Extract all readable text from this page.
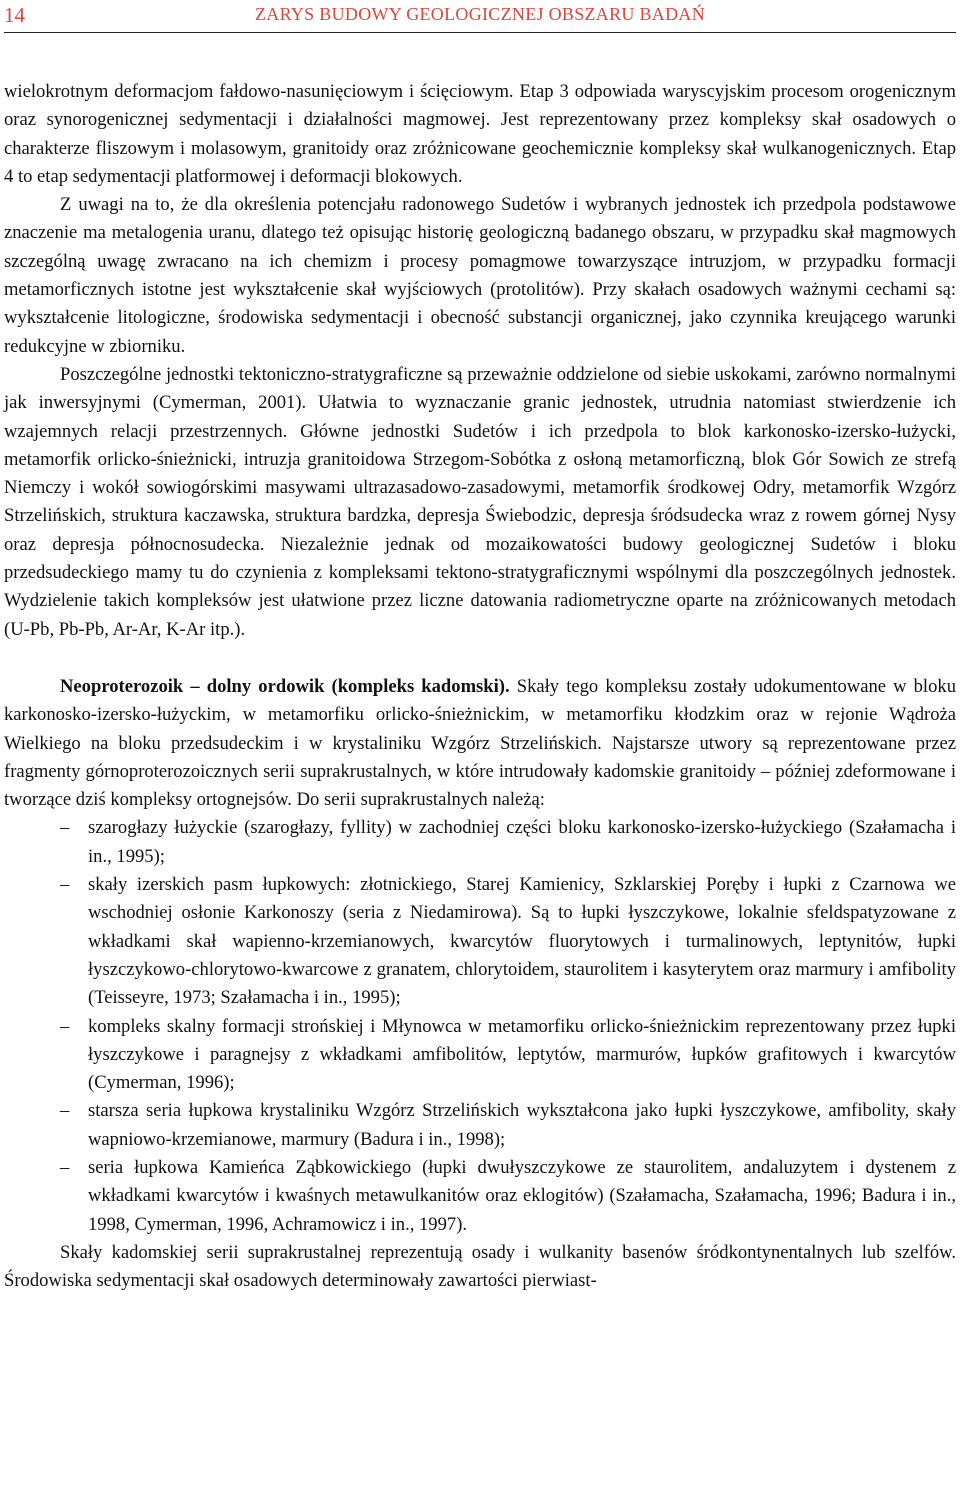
14	ZARYS BUDOWY GEOLOGICZNEJ OBSZARU BADAŃ

wielokrotnym deformacjom fałdowo-nasunięciowym i ścięciowym. Etap 3 odpowiada waryscyjskim procesom orogenicznym oraz synorogenicznej sedymentacji i działalności magmowej. Jest reprezentowany przez kompleksy skał osadowych o charakterze fliszowym i molasowym, granitoidy oraz zróżnicowane geochemicznie kompleksy skał wulkanogenicznych. Etap 4 to etap sedymentacji platformowej i deformacji blokowych.

Z uwagi na to, że dla określenia potencjału radonowego Sudetów i wybranych jednostek ich przedpola podstawowe znaczenie ma metalogenia uranu, dlatego też opisując historię geologiczną badanego obszaru, w przypadku skał magmowych szczególną uwagę zwracano na ich chemizm i procesy pomagmowe towarzyszące intruzjom, w przypadku formacji metamorficznych istotne jest wykształcenie skał wyjściowych (protolitów). Przy skałach osadowych ważnymi cechami są: wykształcenie litologiczne, środowiska sedymentacji i obecność substancji organicznej, jako czynnika kreującego warunki redukcyjne w zbiorniku.

Poszczególne jednostki tektoniczno-stratygraficzne są przeważnie oddzielone od siebie uskokami, zarówno normalnymi jak inwersyjnymi (Cymerman, 2001). Ułatwia to wyznaczanie granic jednostek, utrudnia natomiast stwierdzenie ich wzajemnych relacji przestrzennych. Główne jednostki Sudetów i ich przedpola to blok karkonosko-izersko-łużycki, metamorfik orlicko-śnieżnicki, intruzja granitoidowa Strzegom-Sobótka z osłoną metamorficzną, blok Gór Sowich ze strefą Niemczy i wokół sowiogórskimi masywami ultrazasadowo-zasadowymi, metamorfik środkowej Odry, metamorfik Wzgórz Strzelińskich, struktura kaczawska, struktura bardzka, depresja Świebodzic, depresja śródsudecka wraz z rowem górnej Nysy oraz depresja północnosudecka. Niezależnie jednak od mozaikowatości budowy geologicznej Sudetów i bloku przedsudeckiego mamy tu do czynienia z kompleksami tektono-stratygraficznymi wspólnymi dla poszczególnych jednostek. Wydzielenie takich kompleksów jest ułatwione przez liczne datowania radiometryczne oparte na zróżnicowanych metodach (U-Pb, Pb-Pb, Ar-Ar, K-Ar itp.).

Neoproterozoik – dolny ordowik (kompleks kadomski). Skały tego kompleksu zostały udokumentowane w bloku karkonosko-izersko-łużyckim, w metamorfiku orlicko-śnieżnickim, w metamorfiku kłodzkim oraz w rejonie Wądroża Wielkiego na bloku przedsudeckim i w krystaliniku Wzgórz Strzelińskich. Najstarsze utwory są reprezentowane przez fragmenty górnoproterozoicznych serii suprakrustalnych, w które intrudowały kadomskie granitoidy – później zdeformowane i tworzące dziś kompleksy ortognejsów. Do serii suprakrustalnych należą:

– szarogłazy łużyckie (szarogłazy, fyllity) w zachodniej części bloku karkonosko-izersko-łużyckiego (Szałamacha i in., 1995);
– skały izerskich pasm łupkowych: złotnickiego, Starej Kamienicy, Szklarskiej Poręby i łupki z Czarnowa we wschodniej osłonie Karkonoszy (seria z Niedamirowa). Są to łupki łyszczykowe, lokalnie sfeldspatyzowane z wkładkami skał wapienno-krzemianowych, kwarcytów fluorytowych i turmalinowych, leptynitów, łupki łyszczykowo-chlorytowo-kwarcowe z granatem, chlorytoidem, staurolitem i kasyterytem oraz marmury i amfibolity (Teisseyre, 1973; Szałamacha i in., 1995);
– kompleks skalny formacji strońskiej i Młynowca w metamorfiku orlicko-śnieżnickim reprezentowany przez łupki łyszczykowe i paragnejsy z wkładkami amfibolitów, leptytów, marmurów, łupków grafitowych i kwarcytów (Cymerman, 1996);
– starsza seria łupkowa krystaliniku Wzgórz Strzelińskich wykształcona jako łupki łyszczykowe, amfibolity, skały wapniowo-krzemianowe, marmury (Badura i in., 1998);
– seria łupkowa Kamieńca Ząbkowickiego (łupki dwułyszczykowe ze staurolitem, andaluzytem i dystenem z wkładkami kwarcytów i kwaśnych metawulkanitów oraz eklogitów) (Szałamacha, Szałamacha, 1996; Badura i in., 1998, Cymerman, 1996, Achramowicz i in., 1997).

Skały kadomskiej serii suprakrustalnej reprezentują osady i wulkanity basenów śródkontynentalnych lub szelfów. Środowiska sedymentacji skał osadowych determinowały zawartości pierwiast-
